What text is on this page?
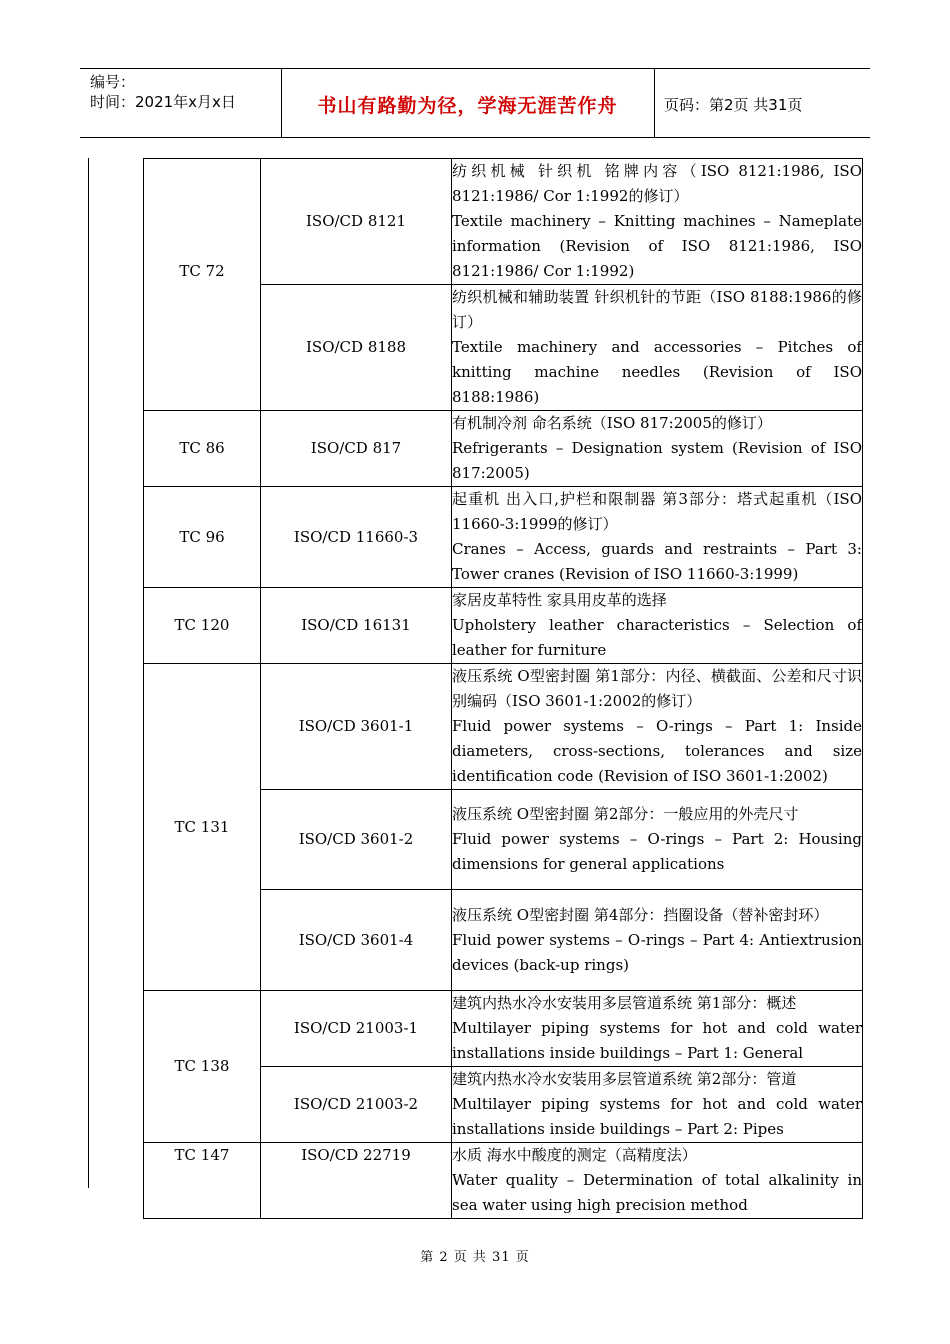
编号：
时间：2021年x月x日	书山有路勤为径，学海无涯苦作舟	页码：第2页 共31页
TC 72	ISO/CD 8121	纺织机械 针织机 铭牌内容（ISO 8121:1986, ISO 8121:1986/ Cor 1:1992的修订）
Textile machinery – Knitting machines – Nameplate information (Revision of ISO 8121:1986, ISO 8121:1986/ Cor 1:1992)

	ISO/CD 8188	纺织机械和辅助装置 针织机针的节距（ISO 8188:1986的修订）
Textile machinery and accessories – Pitches of knitting machine needles (Revision of ISO 8188:1986)

TC 86	ISO/CD 817	有机制冷剂 命名系统（ISO 817:2005的修订）
Refrigerants – Designation system (Revision of ISO 817:2005)

TC 96	ISO/CD 11660-3	起重机 出入口,护栏和限制器 第3部分：塔式起重机（ISO 11660-3:1999的修订）
Cranes – Access, guards and restraints – Part 3: Tower cranes (Revision of ISO 11660-3:1999)

TC 120	ISO/CD 16131	家居皮革特性 家具用皮革的选择
Upholstery leather characteristics – Selection of leather for furniture

TC 131	ISO/CD 3601-1	液压系统 O型密封圈 第1部分：内径、横截面、公差和尺寸识别编码（ISO 3601-1:2002的修订）
Fluid power systems – O-rings – Part 1: Inside diameters, cross-sections, tolerances and size identification code (Revision of ISO 3601-1:2002)

	ISO/CD 3601-2	液压系统 O型密封圈 第2部分：一般应用的外壳尺寸
Fluid power systems – O-rings – Part 2: Housing dimensions for general applications

	ISO/CD 3601-4	液压系统 O型密封圈 第4部分：挡圈设备（替补密封环）
Fluid power systems – O-rings – Part 4: Antiextrusion devices (back-up rings)

TC 138	ISO/CD 21003-1	建筑内热水冷水安装用多层管道系统 第1部分：概述
Multilayer piping systems for hot and cold water installations inside buildings – Part 1: General

	ISO/CD 21003-2	建筑内热水冷水安装用多层管道系统 第2部分：管道
Multilayer piping systems for hot and cold water installations inside buildings – Part 2: Pipes

TC 147	ISO/CD 22719	水质 海水中酸度的测定（高精度法）
Water quality – Determination of total alkalinity in sea water using high precision method
第 2 页 共 31 页
